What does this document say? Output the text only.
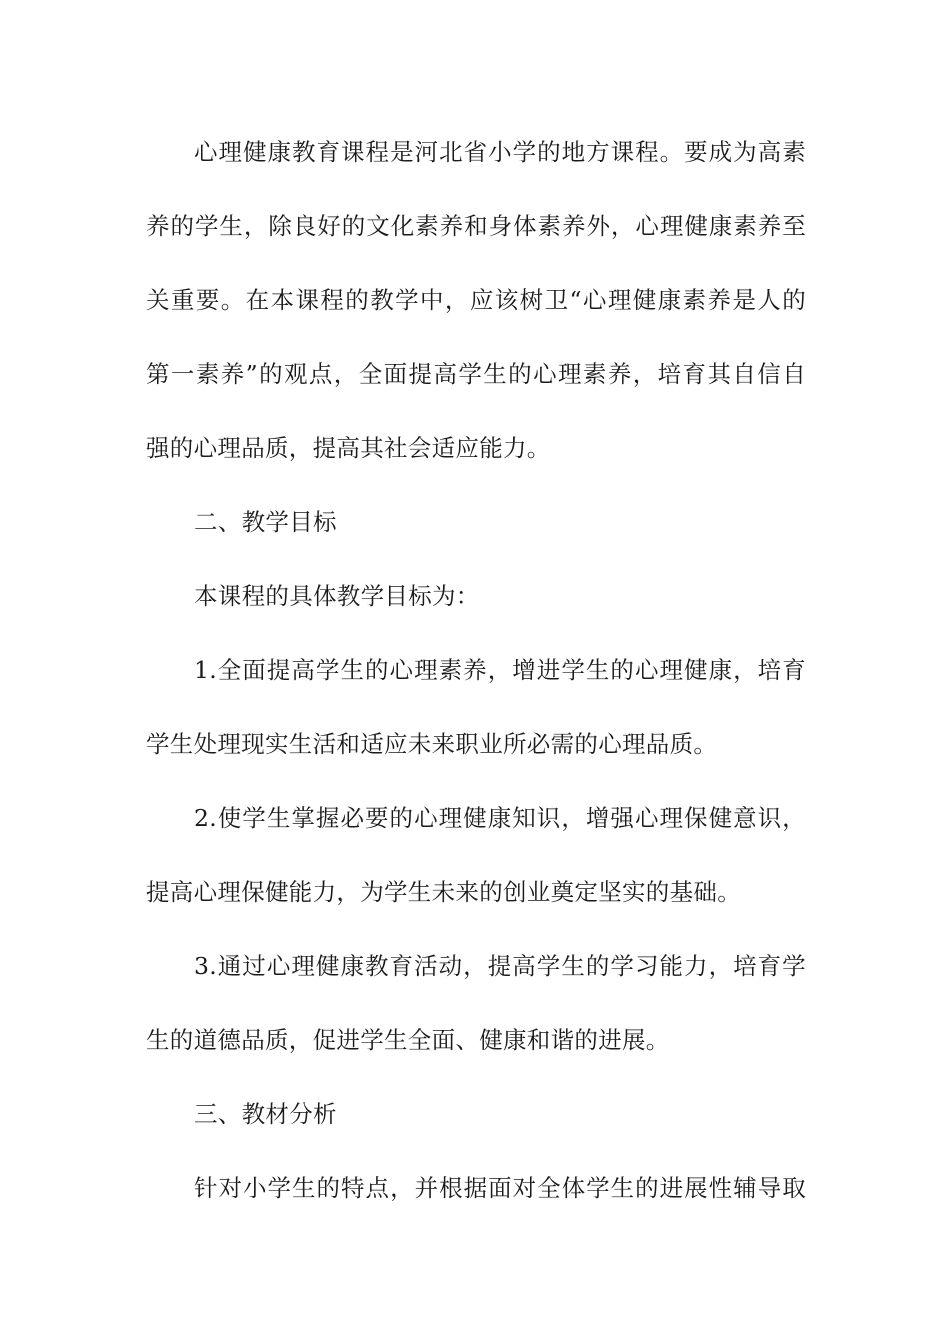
心理健康教育课程是河北省小学的地方课程。要成为高素
养的学生，除良好的文化素养和身体素养外，心理健康素养至
关重要。在本课程的教学中，应该树卫“心理健康素养是人的
第一素养”的观点，全面提高学生的心理素养，培育其自信自
强的心理品质，提高其社会适应能力。
二、教学目标
本课程的具体教学目标为：
1.全面提高学生的心理素养，增进学生的心理健康，培育
学生处理现实生活和适应未来职业所必需的心理品质。
2.使学生掌握必要的心理健康知识，增强心理保健意识，
提高心理保健能力，为学生未来的创业奠定坚实的基础。
3.通过心理健康教育活动，提高学生的学习能力，培育学
生的道德品质，促进学生全面、健康和谐的进展。
三、教材分析
针对小学生的特点，并根据面对全体学生的进展性辅导取
